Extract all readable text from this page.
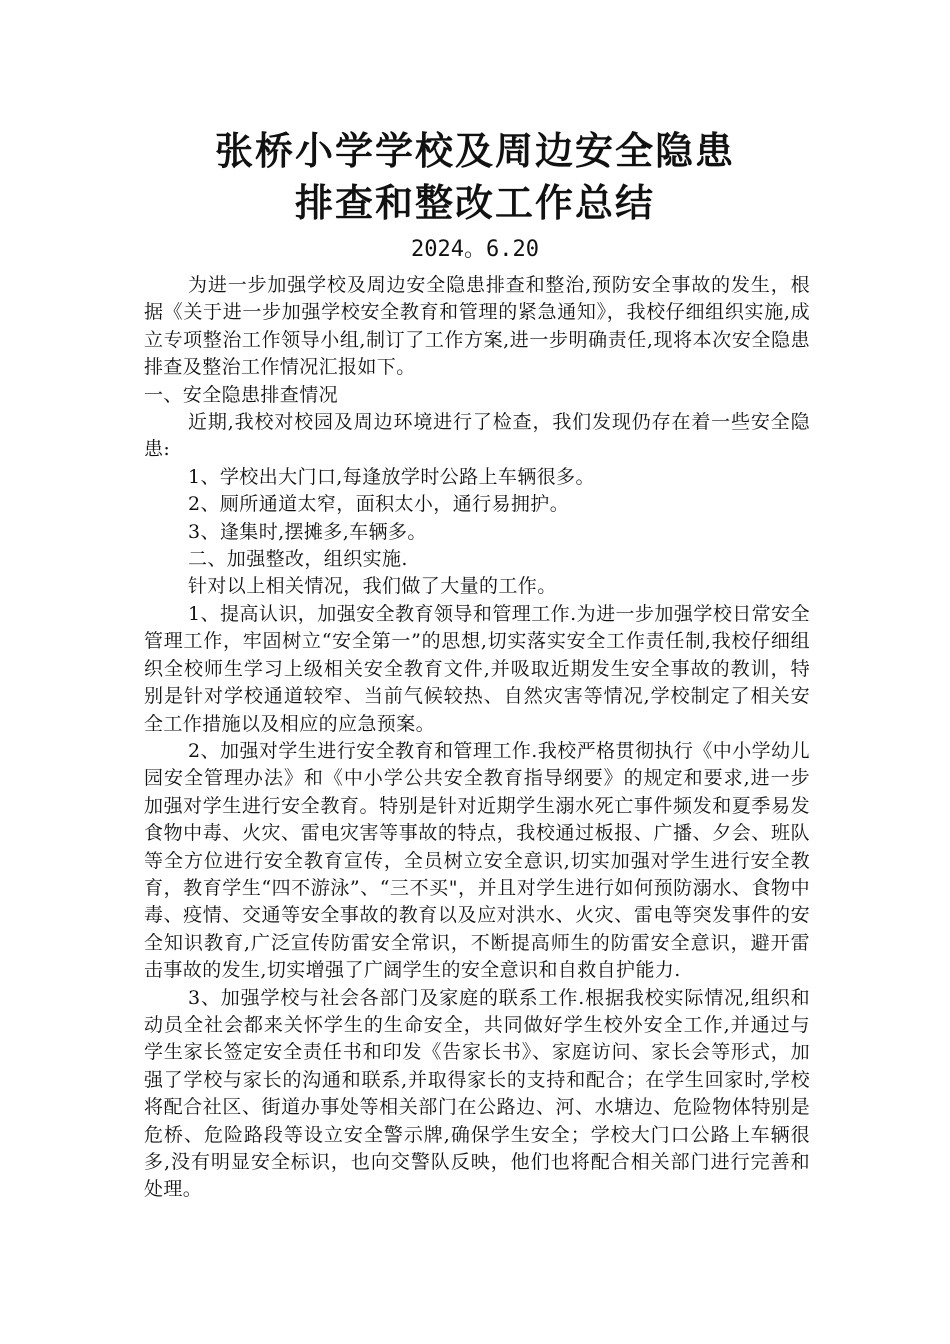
张桥小学学校及周边安全隐患
排查和整改工作总结
2024。6.20

为进一步加强学校及周边安全隐患排查和整治,预防安全事故的发生，根据《关于进一步加强学校安全教育和管理的紧急通知》，我校仔细组织实施,成立专项整治工作领导小组,制订了工作方案,进一步明确责任,现将本次安全隐患排查及整治工作情况汇报如下。

一、安全隐患排查情况

近期,我校对校园及周边环境进行了检查，我们发现仍存在着一些安全隐患:

1、学校出大门口,每逢放学时公路上车辆很多。

2、厕所通道太窄，面积太小，通行易拥护。

3、逢集时,摆摊多,车辆多。

二、加强整改，组织实施.

针对以上相关情况，我们做了大量的工作。

1、提高认识，加强安全教育领导和管理工作.为进一步加强学校日常安全管理工作，牢固树立“安全第一”的思想,切实落实安全工作责任制,我校仔细组织全校师生学习上级相关安全教育文件,并吸取近期发生安全事故的教训，特别是针对学校通道较窄、当前气候较热、自然灾害等情况,学校制定了相关安全工作措施以及相应的应急预案。

2、加强对学生进行安全教育和管理工作.我校严格贯彻执行《中小学幼儿园安全管理办法》和《中小学公共安全教育指导纲要》的规定和要求,进一步加强对学生进行安全教育。特别是针对近期学生溺水死亡事件频发和夏季易发食物中毒、火灾、雷电灾害等事故的特点，我校通过板报、广播、夕会、班队等全方位进行安全教育宣传，全员树立安全意识,切实加强对学生进行安全教育，教育学生“四不游泳”、“三不买"，并且对学生进行如何预防溺水、食物中毒、疫情、交通等安全事故的教育以及应对洪水、火灾、雷电等突发事件的安全知识教育,广泛宣传防雷安全常识，不断提高师生的防雷安全意识，避开雷击事故的发生,切实增强了广阔学生的安全意识和自救自护能力.

3、加强学校与社会各部门及家庭的联系工作.根据我校实际情况,组织和动员全社会都来关怀学生的生命安全，共同做好学生校外安全工作,并通过与学生家长签定安全责任书和印发《告家长书》、家庭访问、家长会等形式，加强了学校与家长的沟通和联系,并取得家长的支持和配合；在学生回家时,学校将配合社区、街道办事处等相关部门在公路边、河、水塘边、危险物体特别是危桥、危险路段等设立安全警示牌,确保学生安全；学校大门口公路上车辆很多,没有明显安全标识，也向交警队反映，他们也将配合相关部门进行完善和处理。
